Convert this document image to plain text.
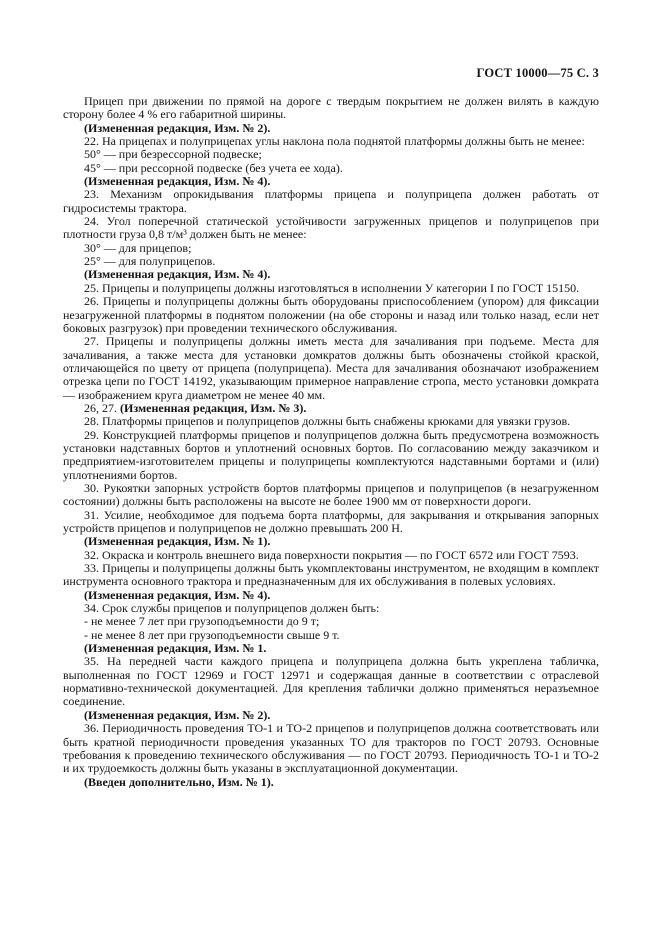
ГОСТ 10000—75 С. 3

Прицеп при движении по прямой на дороге с твердым покрытием не должен вилять в каждую сторону более 4 % его габаритной ширины.

(Измененная редакция, Изм. № 2).

22. На прицепах и полуприцепах углы наклона пола поднятой платформы должны быть не менее:

50° — при безрессорной подвеске;

45° — при рессорной подвеске (без учета ее хода).

(Измененная редакция, Изм. № 4).

23. Механизм опрокидывания платформы прицепа и полуприцепа должен работать от гидросистемы трактора.

24. Угол поперечной статической устойчивости загруженных прицепов и полуприцепов при плотности груза 0,8 т/м³ должен быть не менее:

30° — для прицепов;

25° — для полуприцепов.

(Измененная редакция, Изм. № 4).

25. Прицепы и полуприцепы должны изготовляться в исполнении У категории I по ГОСТ 15150.

26. Прицепы и полуприцепы должны быть оборудованы приспособлением (упором) для фиксации незагруженной платформы в поднятом положении (на обе стороны и назад или только назад, если нет боковых разгрузок) при проведении технического обслуживания.

27. Прицепы и полуприцепы должны иметь места для зачаливания при подъеме. Места для зачаливания, а также места для установки домкратов должны быть обозначены стойкой краской, отличающейся по цвету от прицепа (полуприцепа). Места для зачаливания обозначают изображением отрезка цепи по ГОСТ 14192, указывающим примерное направление стропа, место установки домкрата — изображением круга диаметром не менее 40 мм.

26, 27. (Измененная редакция, Изм. № 3).

28. Платформы прицепов и полуприцепов должны быть снабжены крюками для увязки грузов.

29. Конструкцией платформы прицепов и полуприцепов должна быть предусмотрена возможность установки надставных бортов и уплотнений основных бортов. По согласованию между заказчиком и предприятием-изготовителем прицепы и полуприцепы комплектуются надставными бортами и (или) уплотнениями бортов.

30. Рукоятки запорных устройств бортов платформы прицепов и полуприцепов (в незагруженном состоянии) должны быть расположены на высоте не более 1900 мм от поверхности дороги.

31. Усилие, необходимое для подъема борта платформы, для закрывания и открывания запорных устройств прицепов и полуприцепов не должно превышать 200 Н.

(Измененная редакция, Изм. № 1).

32. Окраска и контроль внешнего вида поверхности покрытия — по ГОСТ 6572 или ГОСТ 7593.

33. Прицепы и полуприцепы должны быть укомплектованы инструментом, не входящим в комплект инструмента основного трактора и предназначенным для их обслуживания в полевых условиях.

(Измененная редакция, Изм. № 4).

34. Срок службы прицепов и полуприцепов должен быть:

- не менее 7 лет при грузоподъемности до 9 т;

- не менее 8 лет при грузоподъемности свыше 9 т.

(Измененная редакция, Изм. № 1.

35. На передней части каждого прицепа и полуприцепа должна быть укреплена табличка, выполненная по ГОСТ 12969 и ГОСТ 12971 и содержащая данные в соответствии с отраслевой нормативно-технической документацией. Для крепления таблички должно применяться неразъемное соединение.

(Измененная редакция, Изм. № 2).

36. Периодичность проведения ТО-1 и ТО-2 прицепов и полуприцепов должна соответствовать или быть кратной периодичности проведения указанных ТО для тракторов по ГОСТ 20793. Основные требования к проведению технического обслуживания — по ГОСТ 20793. Периодичность ТО-1 и ТО-2 и их трудоемкость должны быть указаны в эксплуатационной документации.

(Введен дополнительно, Изм. № 1).
